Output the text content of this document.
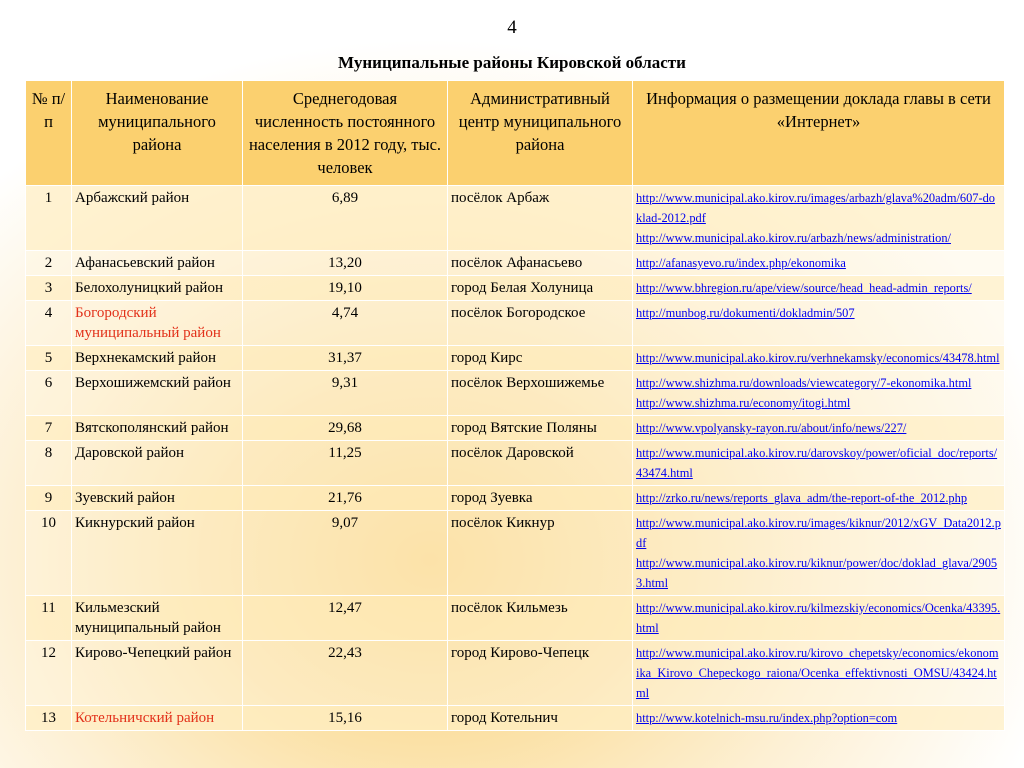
4
Муниципальные районы Кировской области
№ п/п	Наименование муниципального района	Среднегодовая численность постоянного населения в 2012 году, тыс. человек	Административный центр муниципального района	Информация о размещении доклада главы в сети «Интернет»
1	Арбажский район	6,89	посёлок Арбаж	http://www.municipal.ako.kirov.ru/images/arbazh/glava%20adm/607-doklad-2012.pdf
http://www.municipal.ako.kirov.ru/arbazh/news/administration/

2	Афанасьевский район	13,20	посёлок Афанасьево	http://afanasyevo.ru/index.php/ekonomika

3	Белохолуницкий район	19,10	город Белая Холуница	http://www.bhregion.ru/ape/view/source/head_head-admin_reports/

4	Богородский муниципальный район	4,74	посёлок Богородское	http://munbog.ru/dokumenti/dokladmin/507

5	Верхнекамский район	31,37	город Кирс	http://www.municipal.ako.kirov.ru/verhnekamsky/economics/43478.html

6	Верхошижемский район	9,31	посёлок Верхошижемье	http://www.shizhma.ru/downloads/viewcategory/7-ekonomika.html
http://www.shizhma.ru/economy/itogi.html

7	Вятскополянский район	29,68	город Вятские Поляны	http://www.vpolyansky-rayon.ru/about/info/news/227/

8	Даровской район	11,25	посёлок Даровской	http://www.municipal.ako.kirov.ru/darovskoy/power/oficial_doc/reports/43474.html

9	Зуевский район	21,76	город Зуевка	http://zrko.ru/news/reports_glava_adm/the-report-of-the_2012.php

10	Кикнурский район	9,07	посёлок Кикнур	http://www.municipal.ako.kirov.ru/images/kiknur/2012/xGV_Data2012.pdf
http://www.municipal.ako.kirov.ru/kiknur/power/doc/doklad_glava/29053.html

11	Кильмезский муниципальный район	12,47	посёлок Кильмезь	http://www.municipal.ako.kirov.ru/kilmezskiy/economics/Ocenka/43395.html

12	Кирово-Чепецкий район	22,43	город Кирово-Чепецк	http://www.municipal.ako.kirov.ru/kirovo_chepetsky/economics/ekonomika_Kirovo_Chepeckogo_raiona/Ocenka_effektivnosti_OMSU/43424.html

13	Котельничский район	15,16	город Котельнич	http://www.kotelnich-msu.ru/index.php?option=com
